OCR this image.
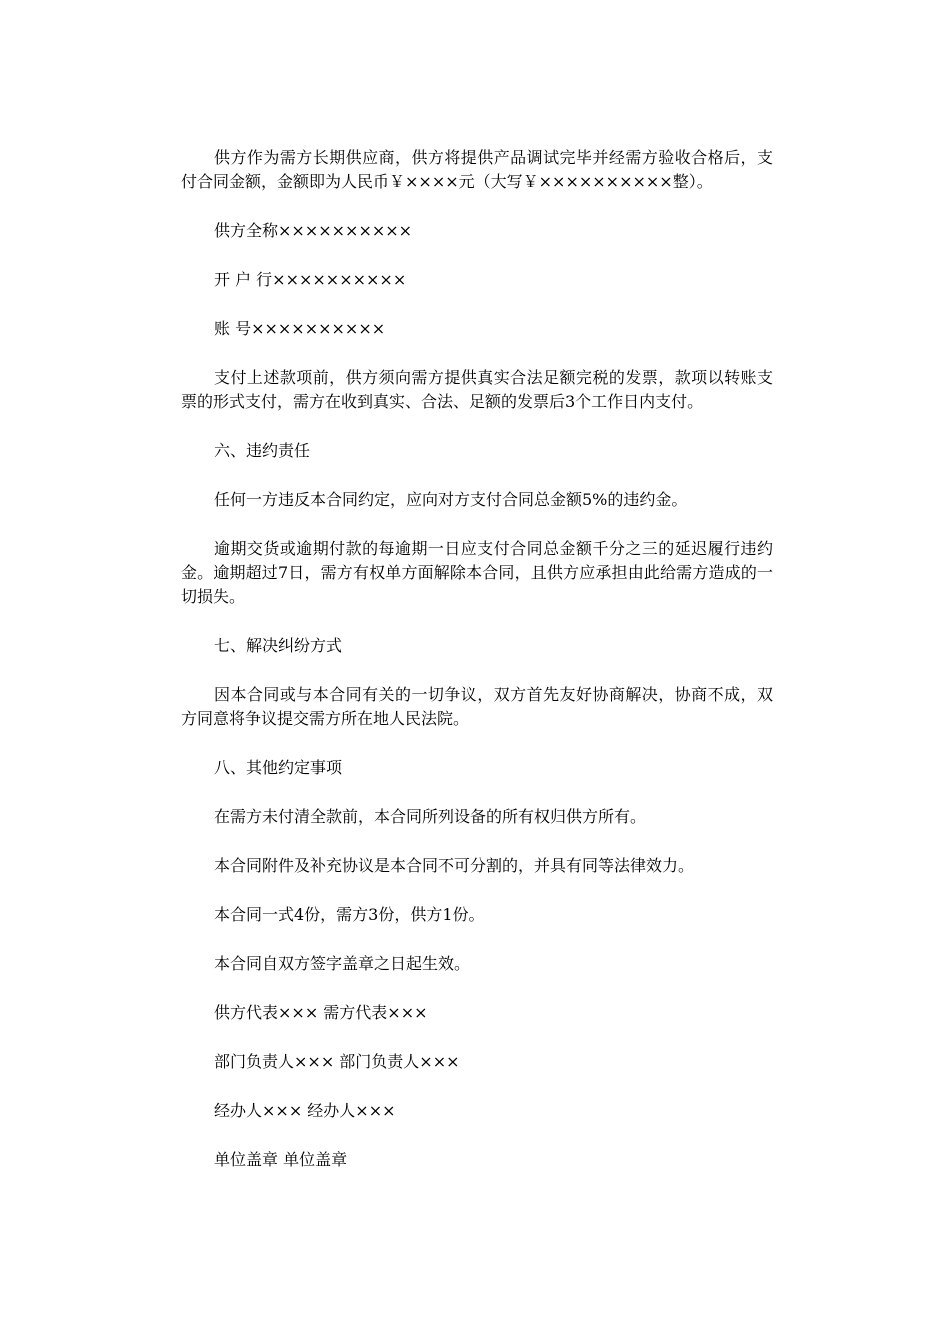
供方作为需方长期供应商，供方将提供产品调试完毕并经需方验收合格后，支付合同金额，金额即为人民币￥××××元（大写￥××××××××××整）。

供方全称××××××××××

开 户 行××××××××××

账 号××××××××××

支付上述款项前，供方须向需方提供真实合法足额完税的发票，款项以转账支票的形式支付，需方在收到真实、合法、足额的发票后3个工作日内支付。

六、违约责任

任何一方违反本合同约定，应向对方支付合同总金额5%的违约金。

逾期交货或逾期付款的每逾期一日应支付合同总金额千分之三的延迟履行违约金。逾期超过7日，需方有权单方面解除本合同，且供方应承担由此给需方造成的一切损失。

七、解决纠纷方式

因本合同或与本合同有关的一切争议，双方首先友好协商解决，协商不成，双方同意将争议提交需方所在地人民法院。

八、其他约定事项

在需方未付清全款前，本合同所列设备的所有权归供方所有。

本合同附件及补充协议是本合同不可分割的，并具有同等法律效力。

本合同一式4份，需方3份，供方1份。

本合同自双方签字盖章之日起生效。

供方代表××× 需方代表×××

部门负责人××× 部门负责人×××

经办人××× 经办人×××

单位盖章 单位盖章
